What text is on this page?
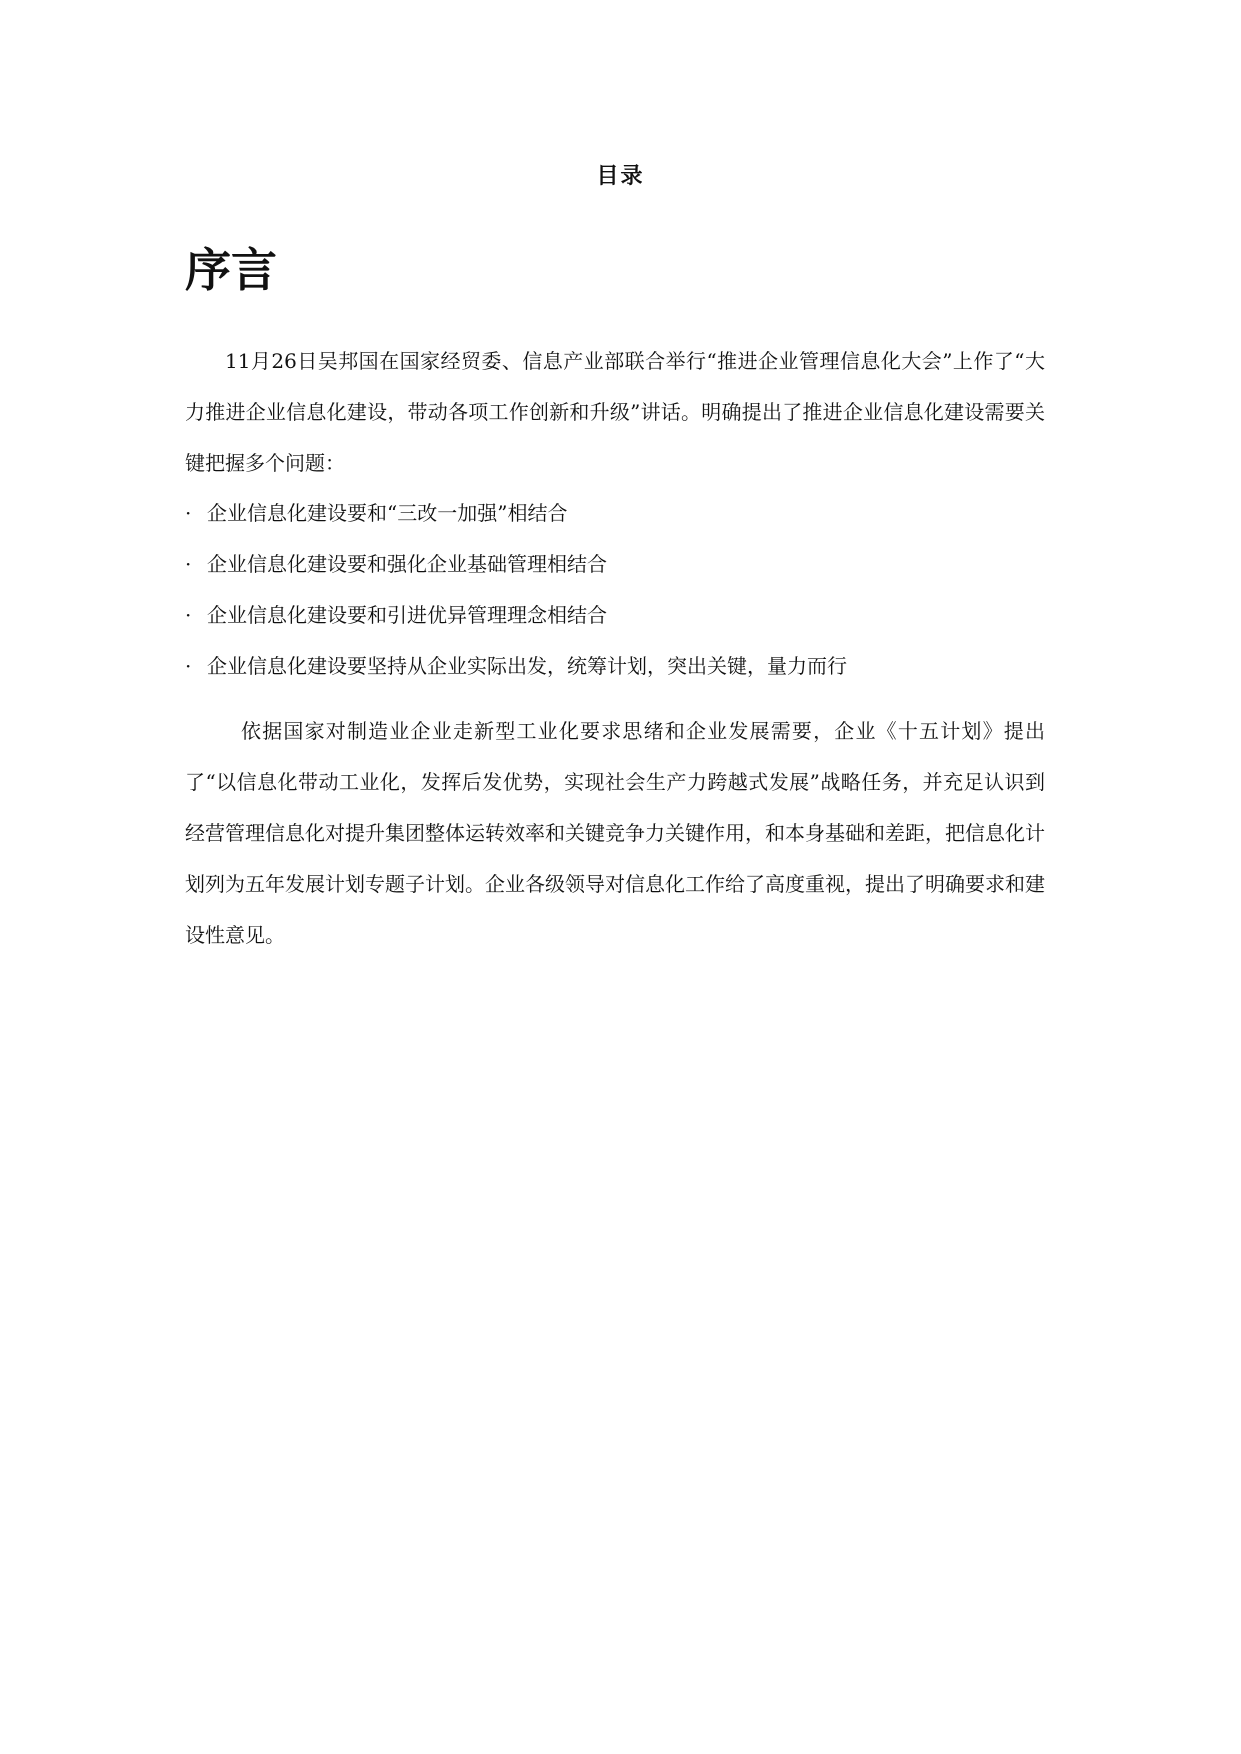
目录
序言

11月26日吴邦国在国家经贸委、信息产业部联合举行“推进企业管理信息化大会”上作了“大力推进企业信息化建设，带动各项工作创新和升级”讲话。明确提出了推进企业信息化建设需要关键把握多个问题：

· 企业信息化建设要和“三改一加强”相结合
· 企业信息化建设要和强化企业基础管理相结合
· 企业信息化建设要和引进优异管理理念相结合
· 企业信息化建设要坚持从企业实际出发，统筹计划，突出关键，量力而行

依据国家对制造业企业走新型工业化要求思绪和企业发展需要，企业《十五计划》提出了“以信息化带动工业化，发挥后发优势，实现社会生产力跨越式发展”战略任务，并充足认识到经营管理信息化对提升集团整体运转效率和关键竞争力关键作用，和本身基础和差距，把信息化计划列为五年发展计划专题子计划。企业各级领导对信息化工作给了高度重视，提出了明确要求和建设性意见。
